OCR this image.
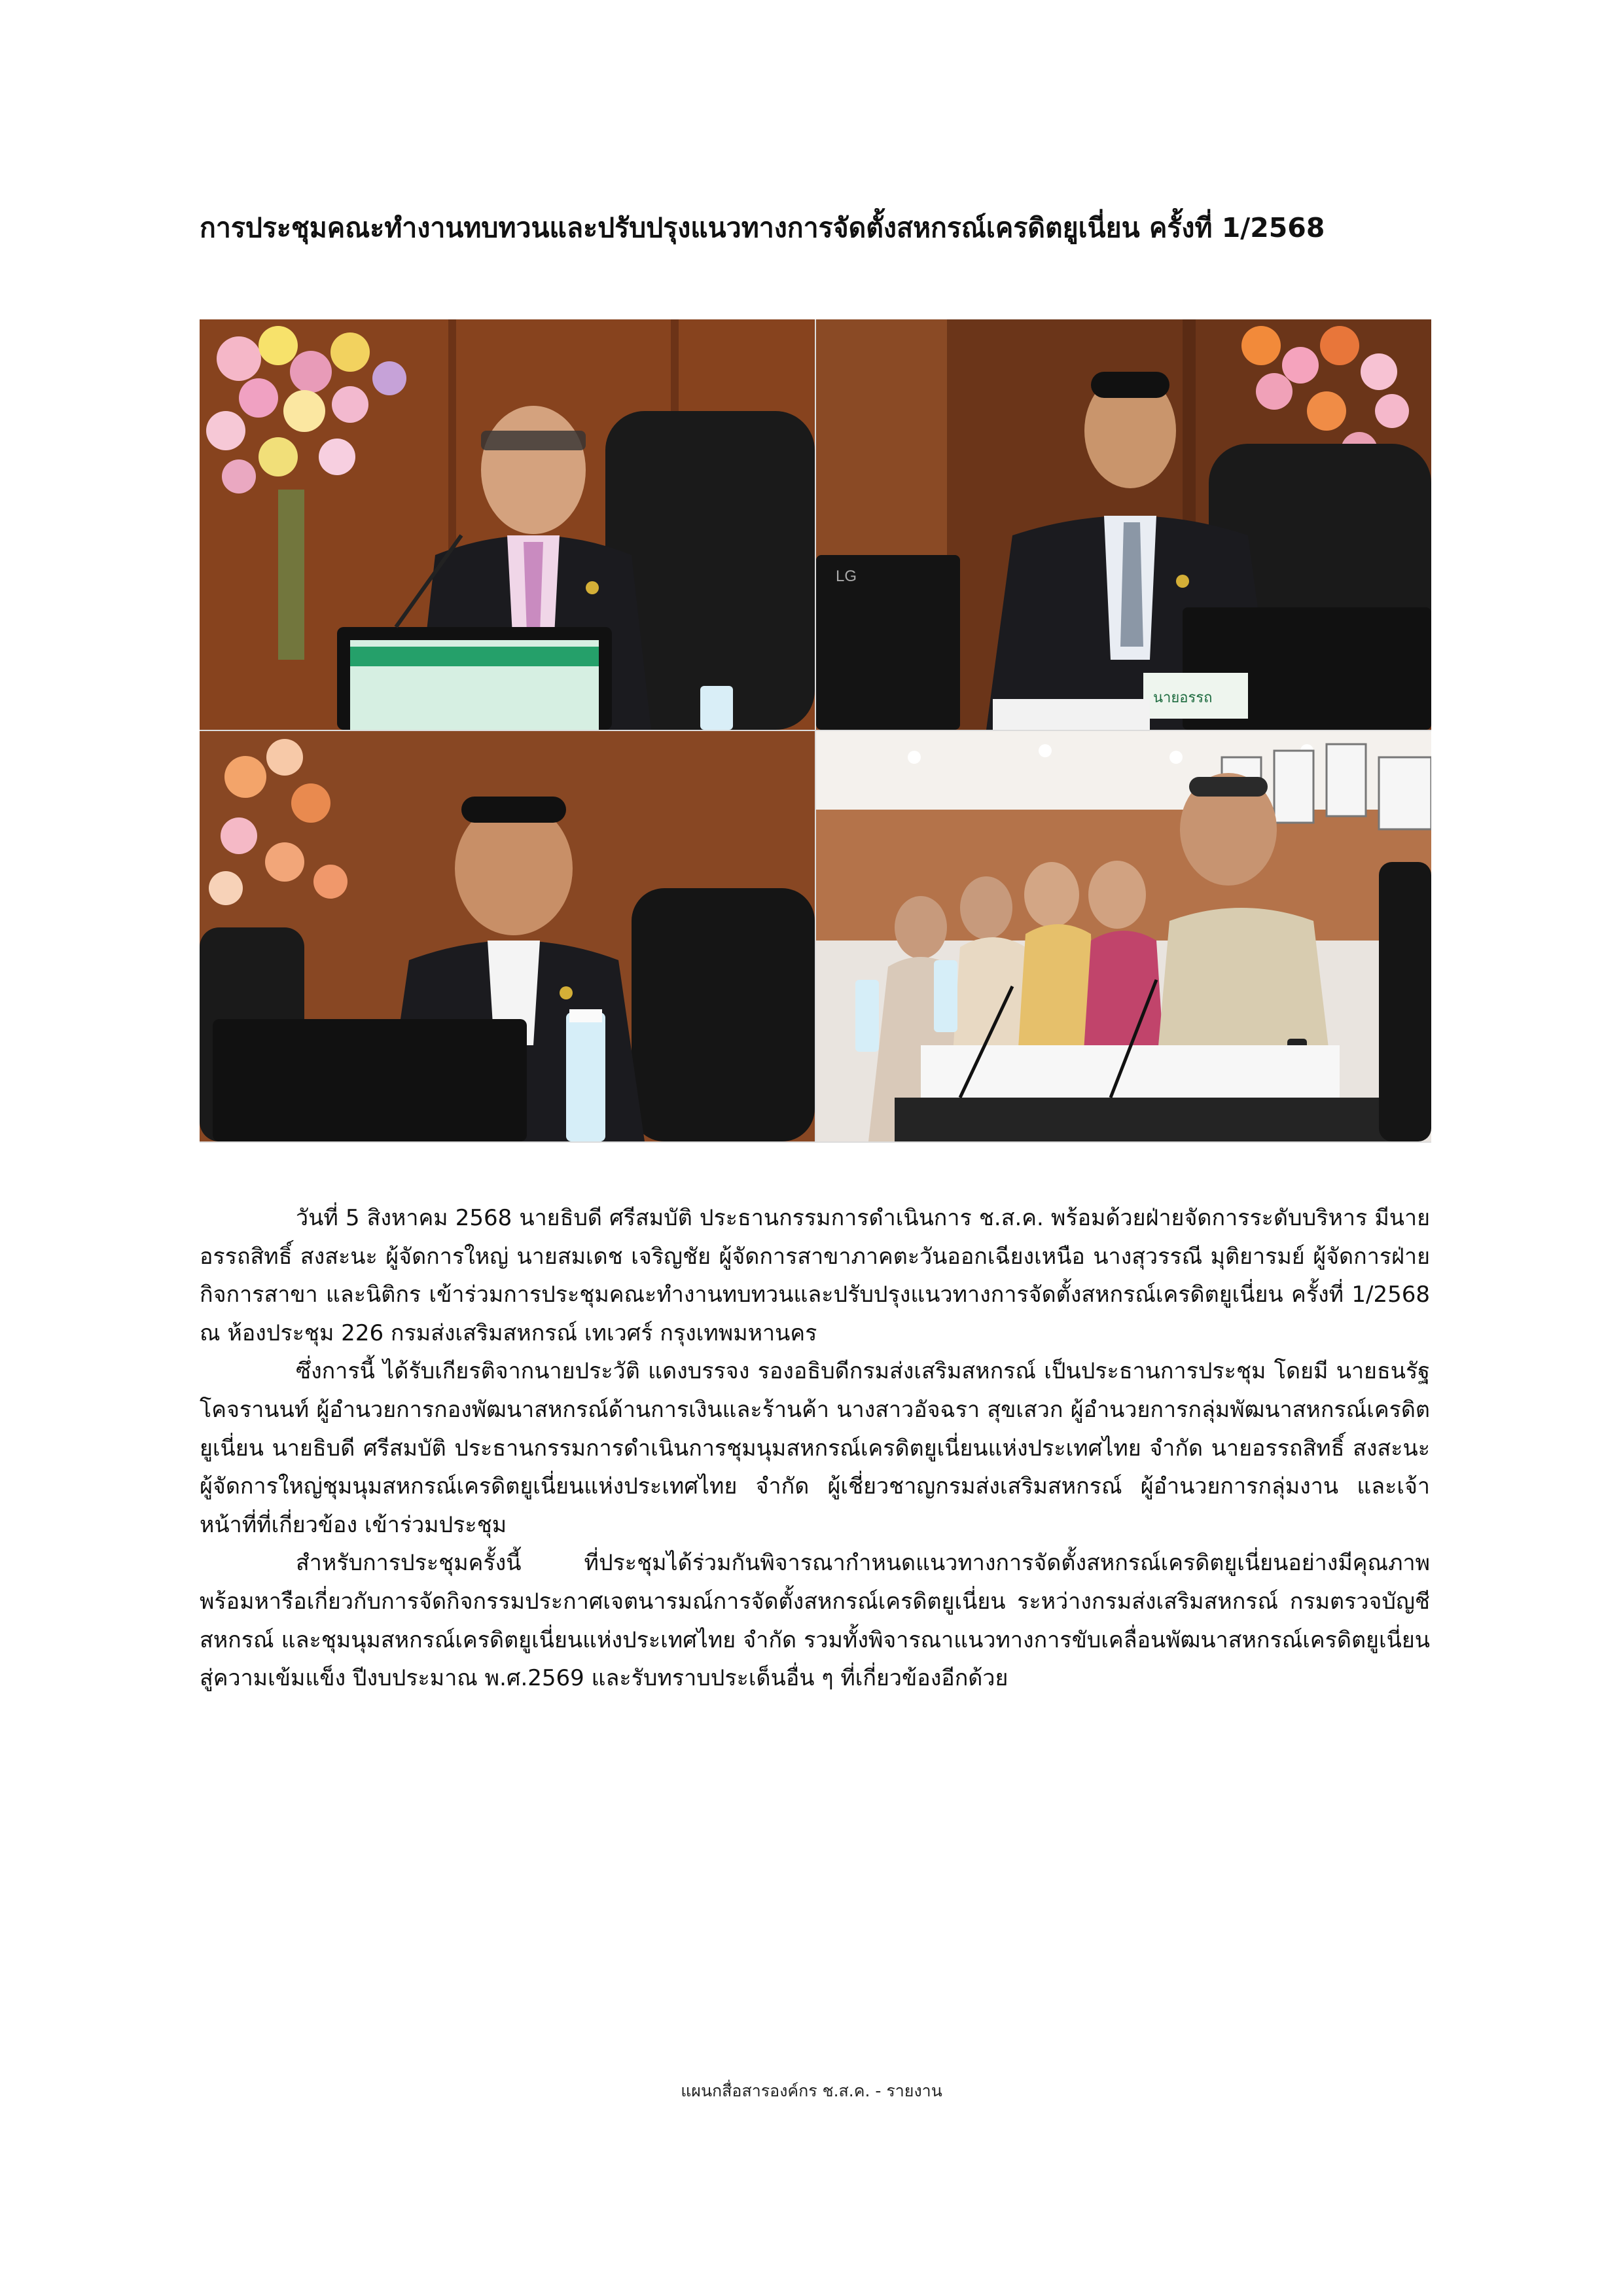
การประชุมคณะทำงานทบทวนและปรับปรุงแนวทางการจัดตั้งสหกรณ์เครดิตยูเนี่ยน ครั้งที่ 1/2568
LG
นายอรรถ

วันที่ 5 สิงหาคม 2568 นายธิบดี ศรีสมบัติ ประธานกรรมการดำเนินการ ช.ส.ค. พร้อมด้วยฝ่ายจัดการระดับบริหาร มีนายอรรถสิทธิ์ สงสะนะ ผู้จัดการใหญ่ นายสมเดช เจริญชัย ผู้จัดการสาขาภาคตะวันออกเฉียงเหนือ นางสุวรรณี มุติยารมย์ ผู้จัดการฝ่ายกิจการสาขา และนิติกร เข้าร่วมการประชุมคณะทำงานทบทวนและปรับปรุงแนวทางการจัดตั้งสหกรณ์เครดิตยูเนี่ยน ครั้งที่ 1/2568 ณ ห้องประชุม 226 กรมส่งเสริมสหกรณ์ เทเวศร์ กรุงเทพมหานคร

ซึ่งการนี้ ได้รับเกียรติจากนายประวัติ แดงบรรจง รองอธิบดีกรมส่งเสริมสหกรณ์ เป็นประธานการประชุม โดยมี นายธนรัฐ โคจรานนท์ ผู้อำนวยการกองพัฒนาสหกรณ์ด้านการเงินและร้านค้า นางสาวอัจฉรา สุขเสวก ผู้อำนวยการกลุ่มพัฒนาสหกรณ์เครดิตยูเนี่ยน นายธิบดี ศรีสมบัติ ประธานกรรมการดำเนินการชุมนุมสหกรณ์เครดิตยูเนี่ยนแห่งประเทศไทย จำกัด นายอรรถสิทธิ์ สงสะนะ ผู้จัดการใหญ่ชุมนุมสหกรณ์เครดิตยูเนี่ยนแห่งประเทศไทย จำกัด ผู้เชี่ยวชาญกรมส่งเสริมสหกรณ์ ผู้อำนวยการกลุ่มงาน และเจ้าหน้าที่ที่เกี่ยวข้อง เข้าร่วมประชุม

สำหรับการประชุมครั้งนี้ ที่ประชุมได้ร่วมกันพิจารณากำหนดแนวทางการจัดตั้งสหกรณ์เครดิตยูเนี่ยนอย่างมีคุณภาพ พร้อมหารือเกี่ยวกับการจัดกิจกรรมประกาศเจตนารมณ์การจัดตั้งสหกรณ์เครดิตยูเนี่ยน ระหว่างกรมส่งเสริมสหกรณ์ กรมตรวจบัญชีสหกรณ์ และชุมนุมสหกรณ์เครดิตยูเนี่ยนแห่งประเทศไทย จำกัด รวมทั้งพิจารณาแนวทางการขับเคลื่อนพัฒนาสหกรณ์เครดิตยูเนี่ยนสู่ความเข้มแข็ง ปีงบประมาณ พ.ศ.2569 และรับทราบประเด็นอื่น ๆ ที่เกี่ยวข้องอีกด้วย

แผนกสื่อสารองค์กร ช.ส.ค. - รายงาน
